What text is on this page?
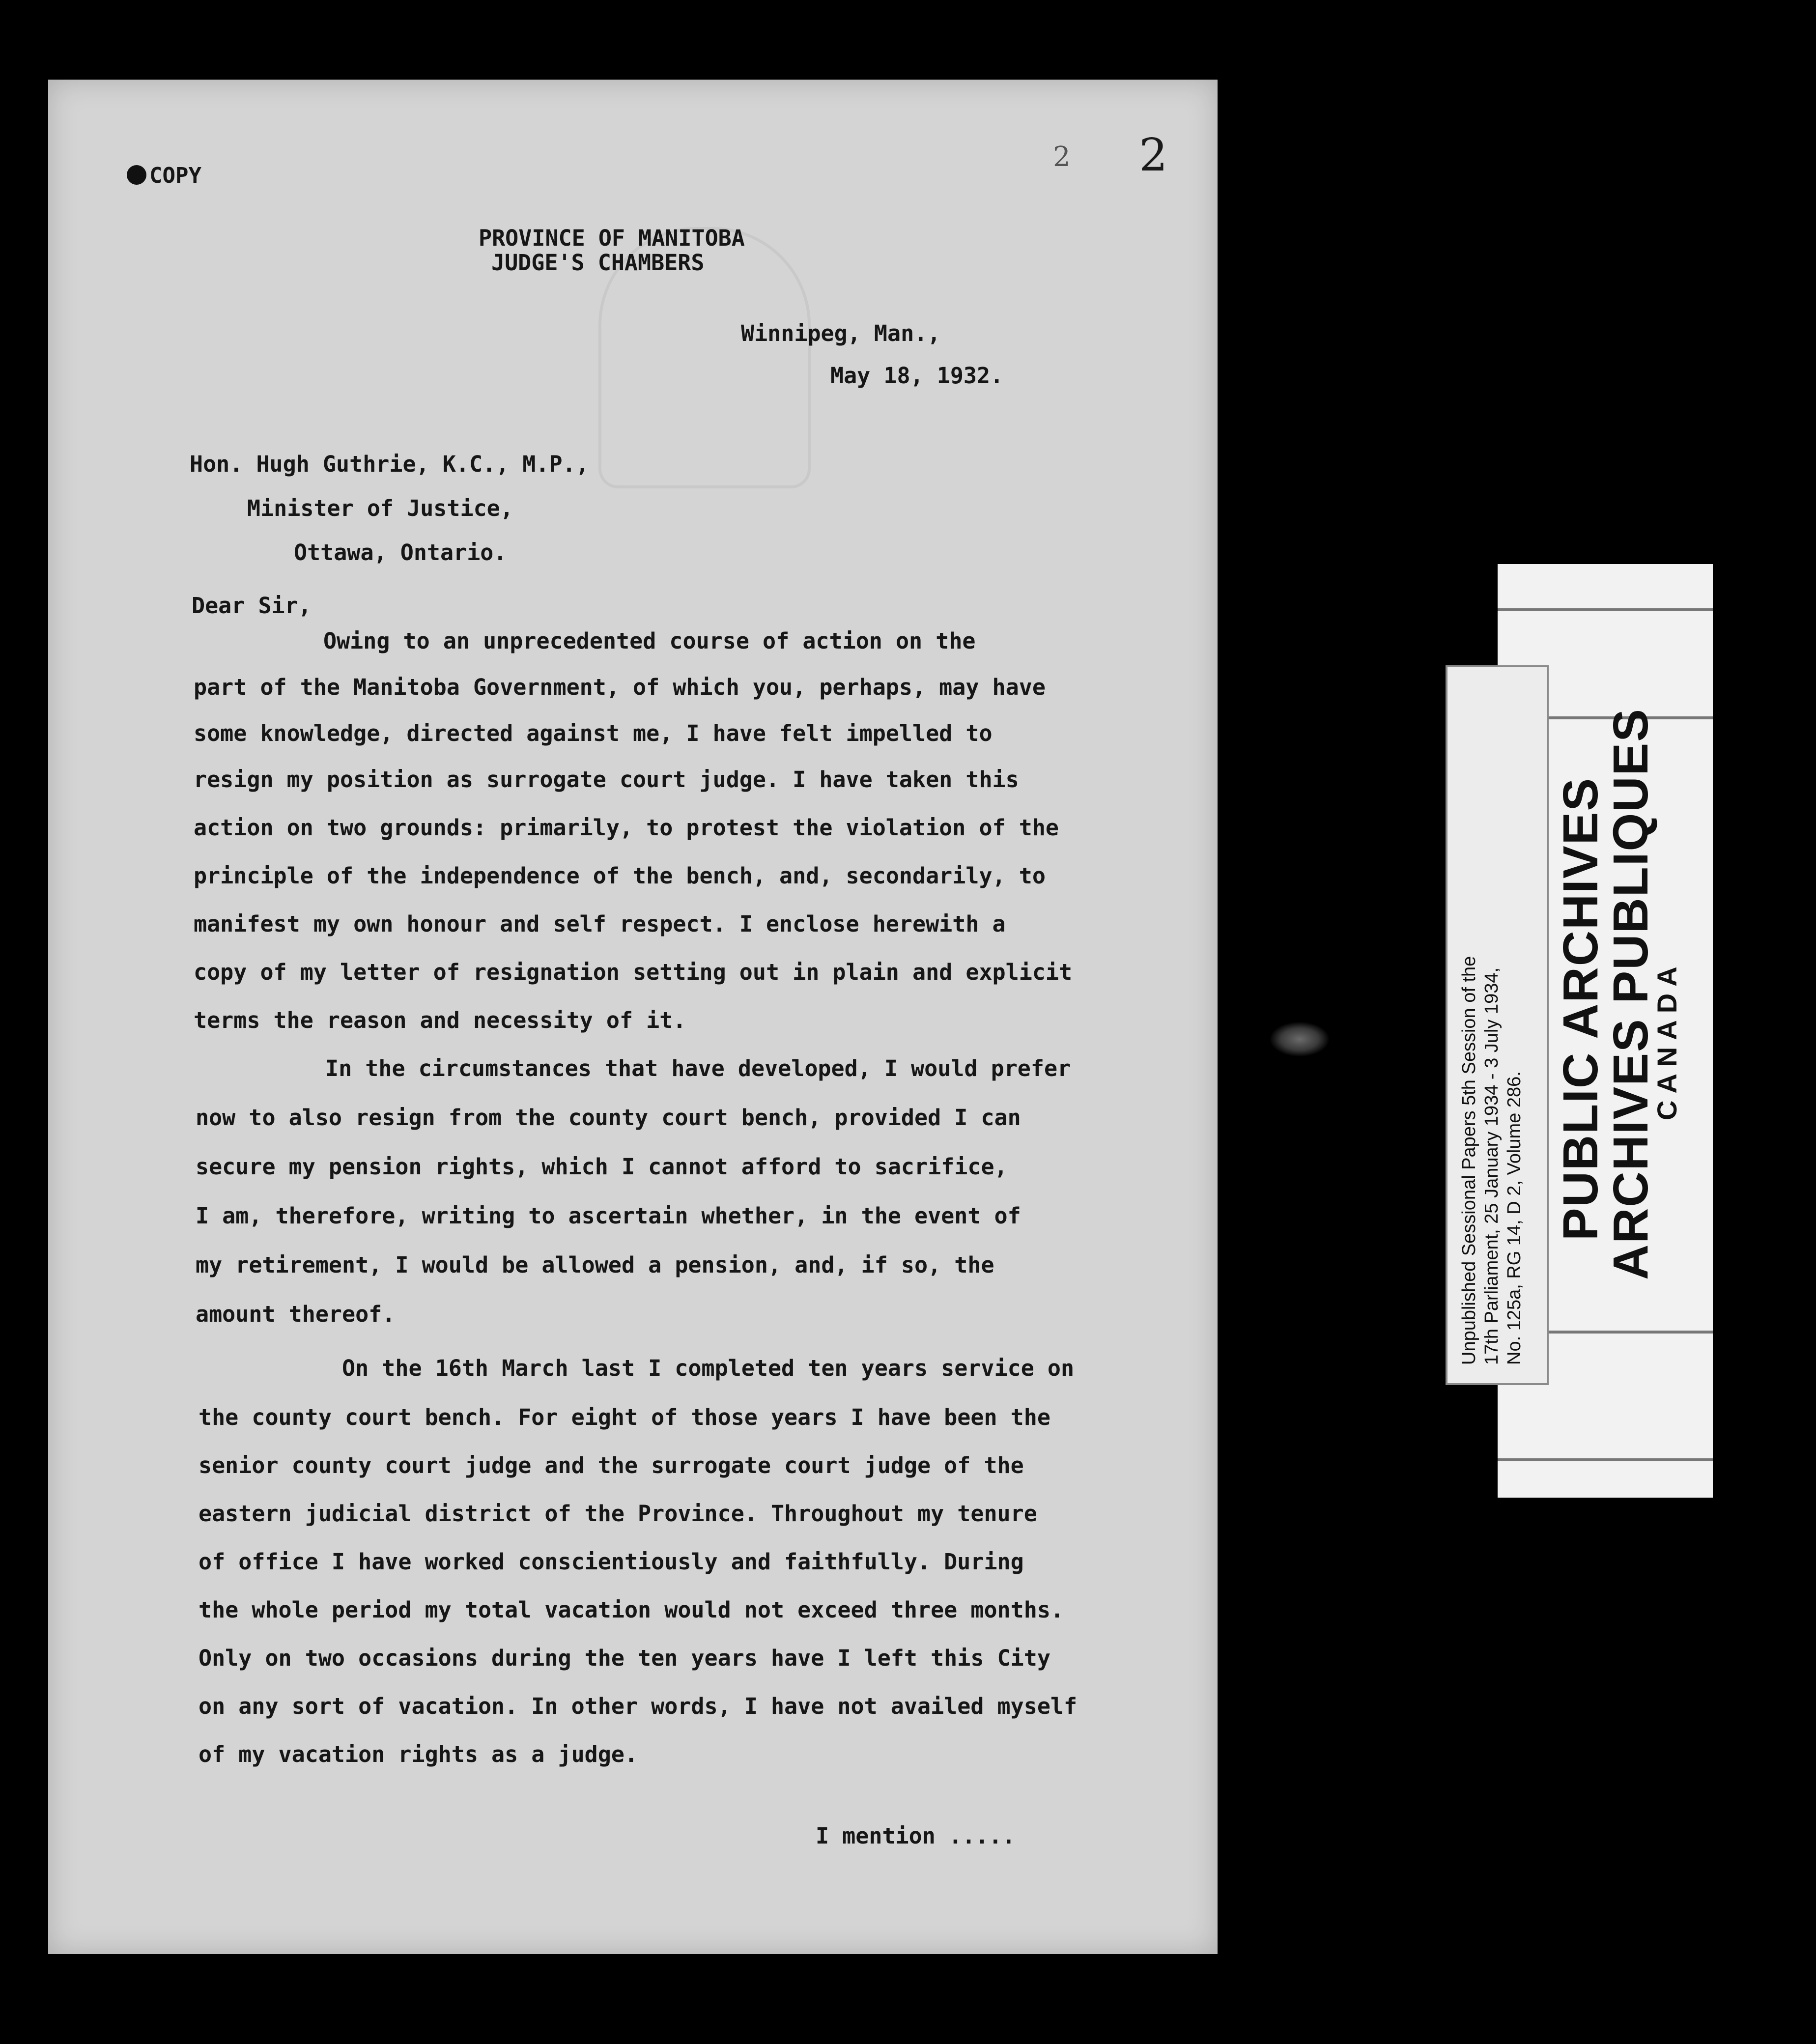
COPY
2 2
PROVINCE OF MANITOBA
JUDGE'S CHAMBERS
Winnipeg, Man.,
May 18, 1932.
Hon. Hugh Guthrie, K.C., M.P.,
Minister of Justice,
Ottawa, Ontario.
Dear Sir,
Owing to an unprecedented course of action on the
part of the Manitoba Government, of which you, perhaps, may have
some knowledge, directed against me, I have felt impelled to
resign my position as surrogate court judge. I have taken this
action on two grounds: primarily, to protest the violation of the
principle of the independence of the bench, and, secondarily, to
manifest my own honour and self respect. I enclose herewith a
copy of my letter of resignation setting out in plain and explicit
terms the reason and necessity of it.
In the circumstances that have developed, I would prefer
now to also resign from the county court bench, provided I can
secure my pension rights, which I cannot afford to sacrifice,
I am, therefore, writing to ascertain whether, in the event of
my retirement, I would be allowed a pension, and, if so, the
amount thereof.
On the 16th March last I completed ten years service on
the county court bench. For eight of those years I have been the
senior county court judge and the surrogate court judge of the
eastern judicial district of the Province. Throughout my tenure
of office I have worked conscientiously and faithfully. During
the whole period my total vacation would not exceed three months.
Only on two occasions during the ten years have I left this City
on any sort of vacation. In other words, I have not availed myself
of my vacation rights as a judge.
I mention .....
Unpublished Sessional Papers 5th Session of the 17th Parliament, 25 January 1934 - 3 July 1934, No. 125a, RG 14, D 2, Volume 286. PUBLIC ARCHIVES
ARCHIVES PUBLIQUES
CANADA
